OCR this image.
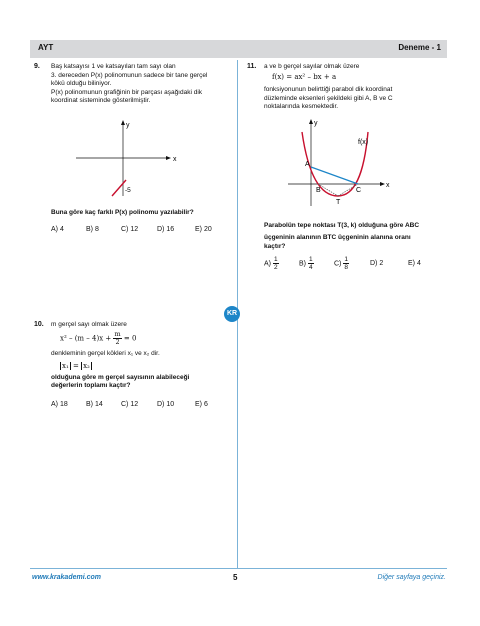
AYT	Deneme - 1
9. Baş katsayısı 1 ve katsayıları tam sayı olan
3. dereceden P(x) polinomunun sadece bir tane gerçel
kökü olduğu biliniyor.
P(x) polinomunun grafiğinin bir parçası aşağıdaki dik
koordinat sisteminde gösterilmiştir.
x
y
-5
Buna göre kaç farklı P(x) polinomu yazılabilir?
A) 4	B) 8	C) 12	D) 16	E) 20
KR
10. m gerçel sayı olmak üzere
$x^2 - (m - 4)x + \frac{m}{2} = 0$
denkleminin gerçel kökleri x₁ ve x₂ dir.
x₁ = x₂
olduğuna göre m gerçel sayısının alabileceği
değerlerin toplamı kaçtır?
A) 18	B) 14	C) 12	D) 10	E) 6
11. a ve b gerçel sayılar olmak üzere
f(x) = ax² – bx + a
fonksiyonunun belirttiği parabol dik koordinat
düzleminde eksenleri şekildeki gibi A, B ve C
noktalarında kesmektedir.
x
y
f(x)
A
B	C
T
Parabolün tepe noktası T(3, k) olduğuna göre ABC
üçgeninin alanının BTC üçgeninin alanına oranı
kaçtır?
$A) \frac{1}{2}$	$B) \frac{1}{4}$	$C) \frac{1}{8}$	D) 2	E) 4
www.krakademi.com	5	Diğer sayfaya geçiniz.
